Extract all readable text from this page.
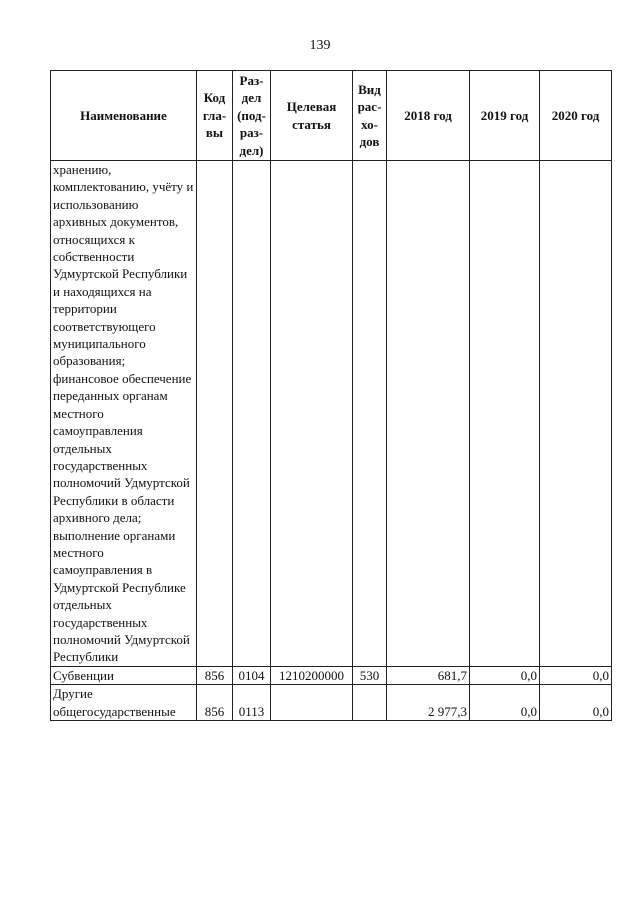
139
Наименование	Код гла- вы	Раз- дел (под- раз- дел)	Целевая статья	Вид рас- хо- дов	2018 год	2019 год	2020 год
хранению, комплектованию, учёту и использованию архивных документов, относящихся к собственности Удмуртской Республики и находящихся на территории соответствующего муниципального образования; финансовое обеспечение переданных органам местного самоуправления отдельных государственных полномочий Удмуртской Республики в области архивного дела; выполнение органами местного самоуправления в Удмуртской Республике отдельных государственных полномочий Удмуртской Республики							
Субвенции	856	0104	1210200000	530	681,7	0,0	0,0
Другие общегосударственные	856	0113			2 977,3	0,0	0,0
